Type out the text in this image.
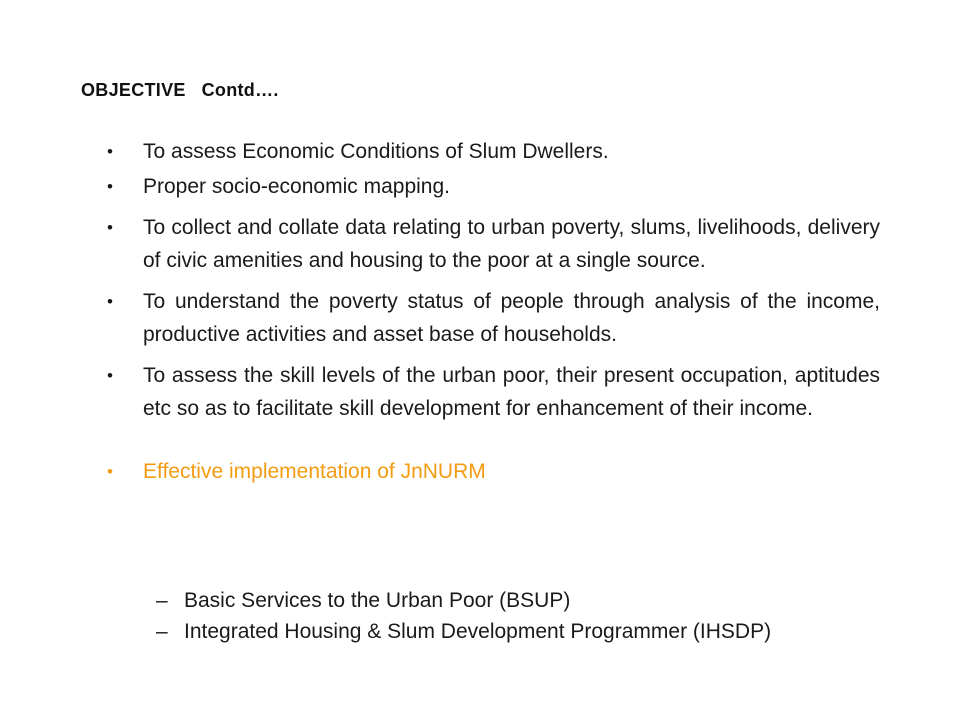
OBJECTIVE   Contd….
• To assess Economic Conditions of Slum Dwellers.
• Proper socio-economic mapping.
• To collect and collate data relating to urban poverty, slums, livelihoods, delivery of civic amenities and housing to the poor at a single source.
• To understand the poverty status of people through analysis of the income, productive activities and asset base of households.
• To assess the skill levels of the urban poor, their present occupation, aptitudes etc so as to facilitate skill development for enhancement of their income.
• Effective implementation of JnNURM
– Basic Services to the Urban Poor (BSUP)
– Integrated Housing & Slum Development Programmer (IHSDP)
